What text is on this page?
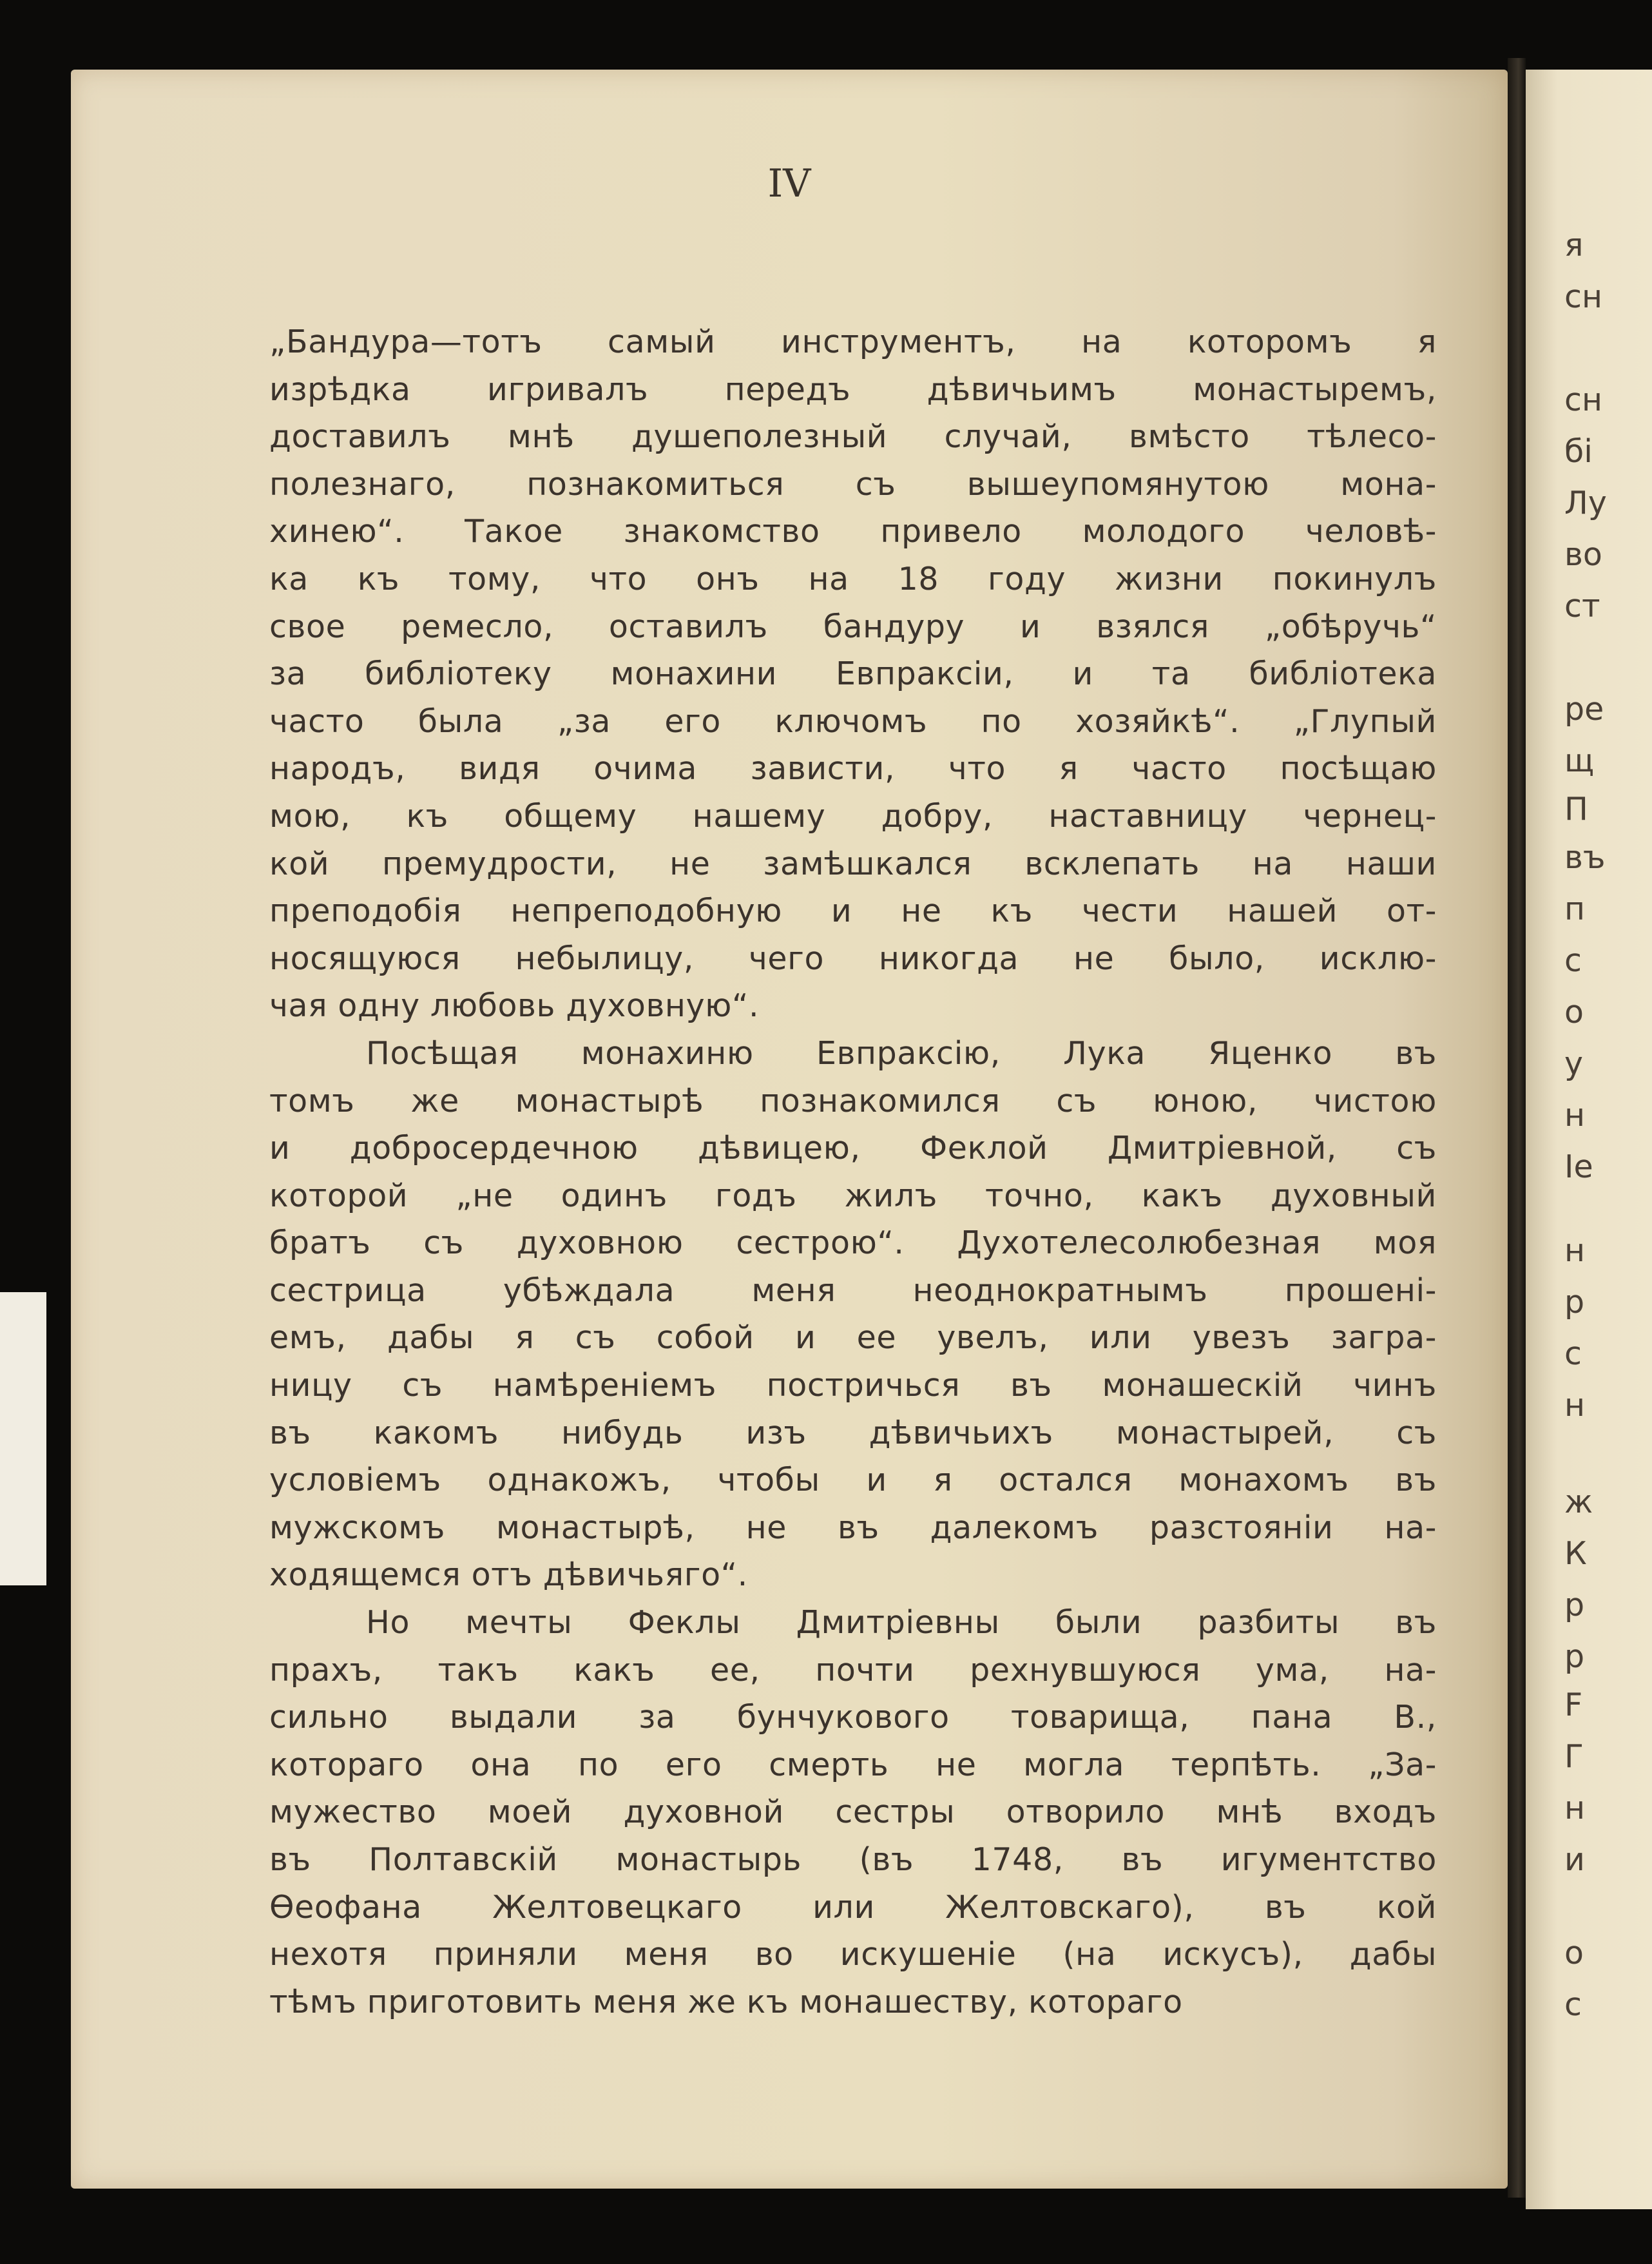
IV
„Бандура—тотъ самый инструментъ, на которомъ я
изрѣдка игривалъ передъ дѣвичьимъ монастыремъ,
доставилъ мнѣ душеполезный случай, вмѣсто тѣлесо-
полезнаго, познакомиться съ вышеупомянутою мона-
хинею“. Такое знакомство привело молодого человѣ-
ка къ тому, что онъ на 18 году жизни покинулъ
свое ремесло, оставилъ бандуру и взялся „обѣручь“
за библіотеку монахини Евпраксіи, и та библіотека
часто была „за его ключомъ по хозяйкѣ“. „Глупый
народъ, видя очима зависти, что я часто посѣщаю
мою, къ общему нашему добру, наставницу чернец-
кой премудрости, не замѣшкался всклепать на наши
преподобія непреподобную и не къ чести нашей от-
носящуюся небылицу, чего никогда не было, исклю-
чая одну любовь духовную“.
Посѣщая монахиню Евпраксію, Лука Яценко въ
томъ же монастырѣ познакомился съ юною, чистою
и добросердечною дѣвицею, Феклой Дмитріевной, съ
которой „не одинъ годъ жилъ точно, какъ духовный
братъ съ духовною сестрою“. Духотелесолюбезная моя
сестрица убѣждала меня неоднократнымъ прошені-
емъ, дабы я съ собой и ее увелъ, или увезъ загра-
ницу съ намѣреніемъ постричься въ монашескій чинъ
въ какомъ нибудь изъ дѣвичьихъ монастырей, съ
условіемъ однакожъ, чтобы и я остался монахомъ въ
мужскомъ монастырѣ, не въ далекомъ разстояніи на-
ходящемся отъ дѣвичьяго“.
Но мечты Феклы Дмитріевны были разбиты въ
прахъ, такъ какъ ее, почти рехнувшуюся ума, на-
сильно выдали за бунчукового товарища, пана В.,
котораго она по его смерть не могла терпѣть. „За-
мужество моей духовной сестры отворило мнѣ входъ
въ Полтавскій монастырь (въ 1748, въ игументство
Ѳеофана Желтовецкаго или Желтовскаго), въ кой
нехотя приняли меня во искушеніе (на искусъ), дабы
тѣмъ приготовить меня же къ монашеству, котораго
я
сн
сн
бі
Лу
во
ст
ре
щ
П
въ
п
с
о
у
н
Іе
н
р
с
н
ж
К
р
р
F
Г
н
и
о
с
